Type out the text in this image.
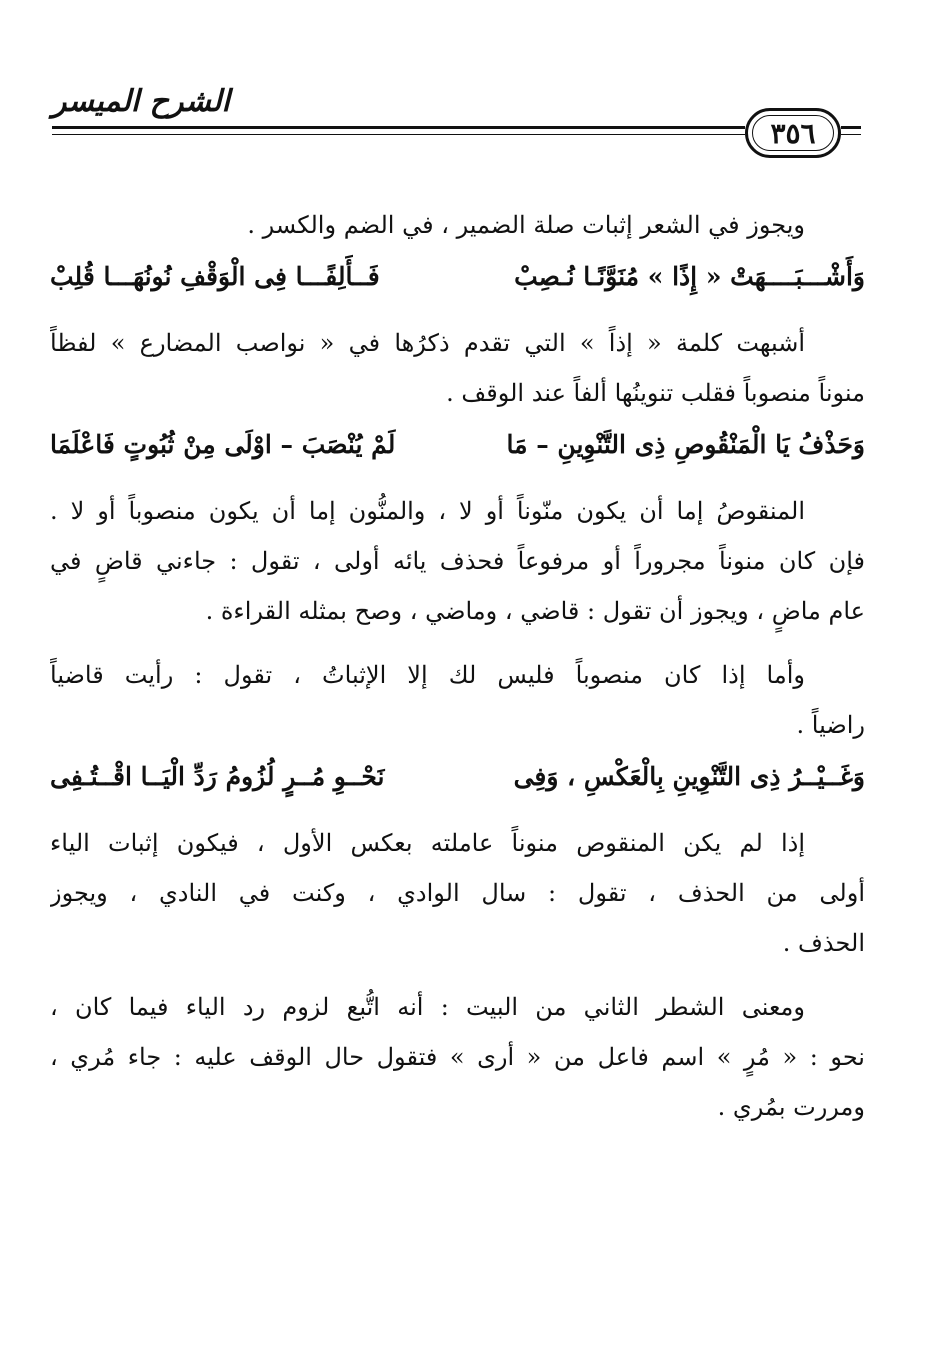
الشرح الميسر
٣٥٦
ويجوز في الشعر إثبات صلة الضمير ، في الضم والكسر .
وَأَشْـــبَــــهَتْ « إِذًا » مُنَوَّنًـا نُـصِبْ
فَــأَلِفًـــا فِى الْوَقْفِ نُونُهَـــا قُلِبْ
أشبهت كلمة « إذاً » التي تقدم ذكرُها في « نواصب المضارع » لفظاً
منوناً منصوباً فقلب تنوينُها ألفاً عند الوقف .
وَحَذْفُ يَا الْمَنْقُوصِ ذِى التَّنْوِينِ – مَا
لَمْ يُنْصَبَ – اوْلَى مِنْ ثُبُوتٍ فَاعْلَمَا
المنقوصُ إما أن يكون منّوناً أو لا ، والمنُّون إما أن يكون منصوباً أو لا .
فإن كان منوناً مجروراً أو مرفوعاً فحذف يائه أولى ، تقول : جاءني قاضٍ في
عام ماضٍ ، ويجوز أن تقول : قاضي ، وماضي ، وصح بمثله القراءة .
وأما إذا كان منصوباً فليس لك إلا الإثباتُ ، تقول : رأيت قاضياً
راضياً .
وَغَــيْــرُ ذِى التَّنْوِينِ بِالْعَكْسِ ، وَفِى
نَحْــوِ مُــرٍ لُزُومُ رَدِّ الْيَــا اقْــتُـفِى
إذا لم يكن المنقوص منوناً عاملته بعكس الأول ، فيكون إثبات الياء
أولى من الحذف ، تقول : سال الوادي ، وكنت في النادي ، ويجوز
الحذف .
ومعنى الشطر الثاني من البيت : أنه اتُّبع لزوم رد الياء فيما كان ،
نحو : « مُرٍ » اسم فاعل من « أرى » فتقول حال الوقف عليه : جاء مُري ،
ومررت بمُري .
